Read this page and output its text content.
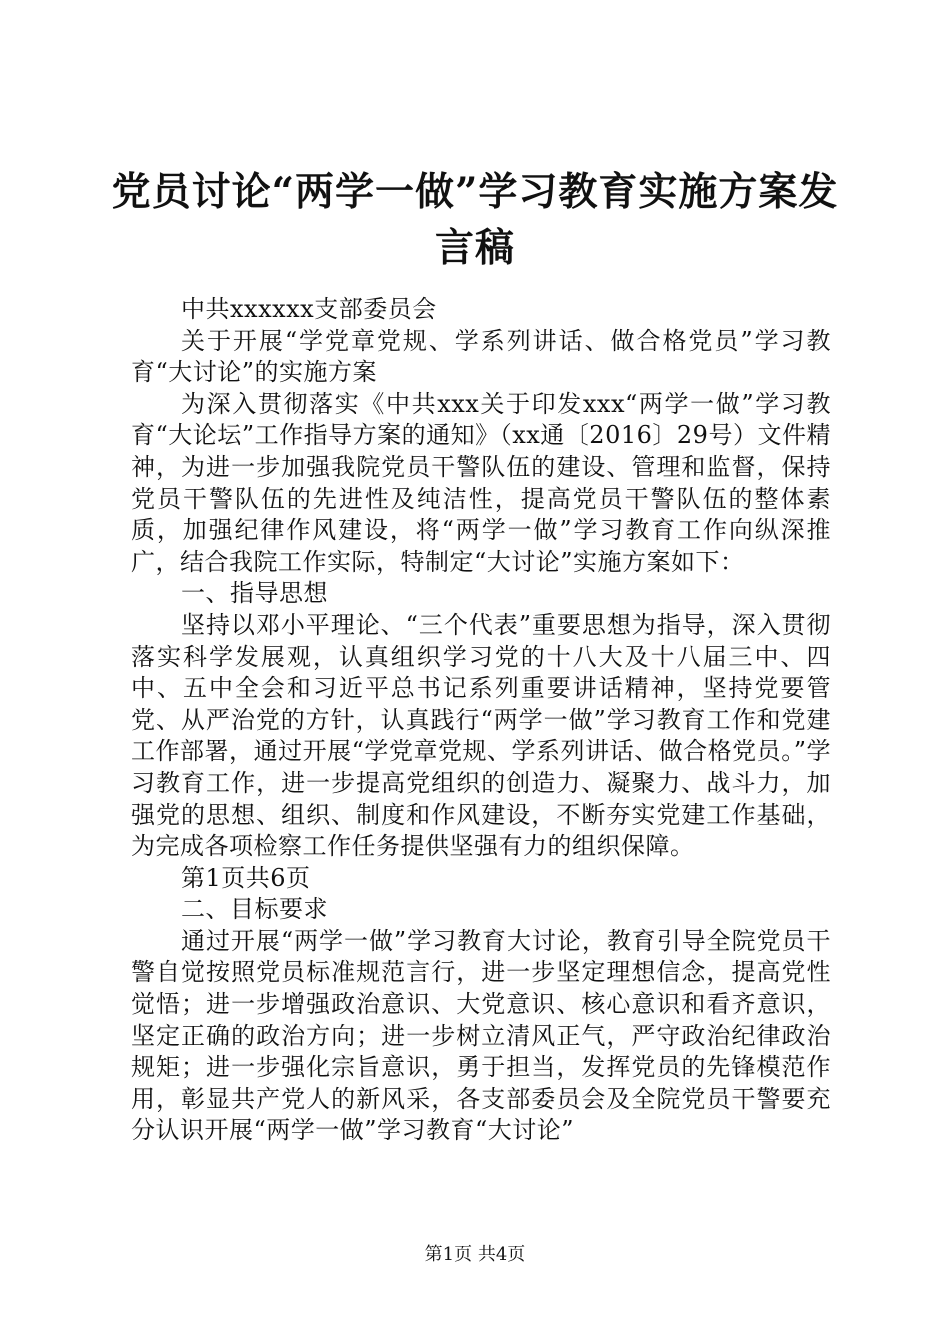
党员讨论“两学一做”学习教育实施方案发言稿

中共xxxxxx支部委员会

关于开展“学党章党规、学系列讲话、做合格党员”学习教育“大讨论”的实施方案

为深入贯彻落实《中共xxx关于印发xxx“两学一做”学习教育“大论坛”工作指导方案的通知》（xx通〔2016〕29号）文件精神，为进一步加强我院党员干警队伍的建设、管理和监督，保持党员干警队伍的先进性及纯洁性，提高党员干警队伍的整体素质，加强纪律作风建设，将“两学一做”学习教育工作向纵深推广，结合我院工作实际，特制定“大讨论”实施方案如下：

一、指导思想

坚持以邓小平理论、“三个代表”重要思想为指导，深入贯彻落实科学发展观，认真组织学习党的十八大及十八届三中、四中、五中全会和习近平总书记系列重要讲话精神，坚持党要管党、从严治党的方针，认真践行“两学一做”学习教育工作和党建工作部署，通过开展“学党章党规、学系列讲话、做合格党员。”学习教育工作，进一步提高党组织的创造力、凝聚力、战斗力，加强党的思想、组织、制度和作风建设，不断夯实党建工作基础，为完成各项检察工作任务提供坚强有力的组织保障。

第1页共6页

二、目标要求

通过开展“两学一做”学习教育大讨论，教育引导全院党员干警自觉按照党员标准规范言行，进一步坚定理想信念，提高党性觉悟；进一步增强政治意识、大党意识、核心意识和看齐意识，坚定正确的政治方向；进一步树立清风正气，严守政治纪律政治规矩；进一步强化宗旨意识，勇于担当，发挥党员的先锋模范作用，彰显共产党人的新风采，各支部委员会及全院党员干警要充分认识开展“两学一做”学习教育“大讨论”

第1页 共4页
